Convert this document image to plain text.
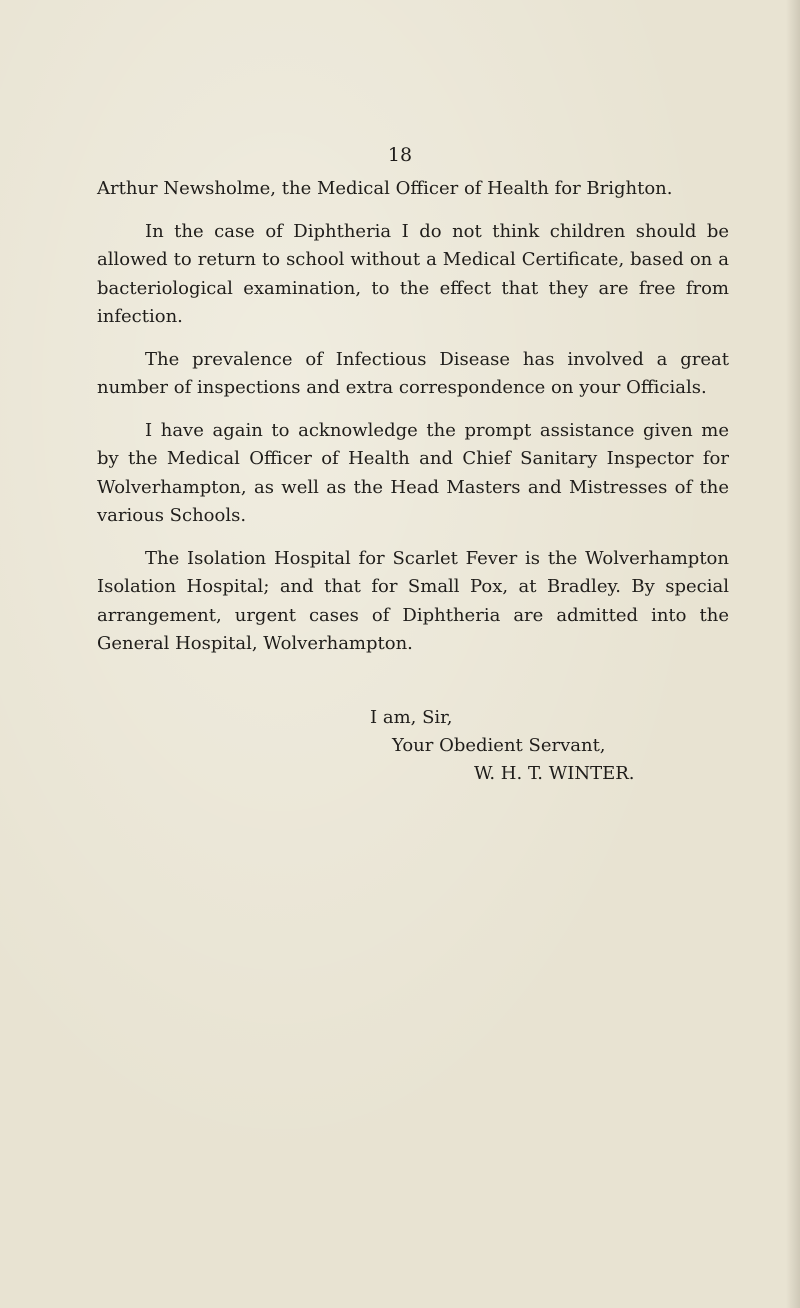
18

Arthur Newsholme, the Medical Officer of Health for Brighton.

In the case of Diphtheria I do not think children should be allowed to return to school without a Medical Certificate, based on a bacteriological examination, to the effect that they are free from infection.

The prevalence of Infectious Disease has involved a great number of inspections and extra correspondence on your Officials.

I have again to acknowledge the prompt assistance given me by the Medical Officer of Health and Chief Sanitary Inspector for Wolverhampton, as well as the Head Masters and Mistresses of the various Schools.

The Isolation Hospital for Scarlet Fever is the Wolverhampton Isolation Hospital; and that for Small Pox, at Bradley. By special arrangement, urgent cases of Diphtheria are admitted into the General Hospital, Wolverhampton.

I am, Sir,
Your Obedient Servant,
W. H. T. WINTER.
